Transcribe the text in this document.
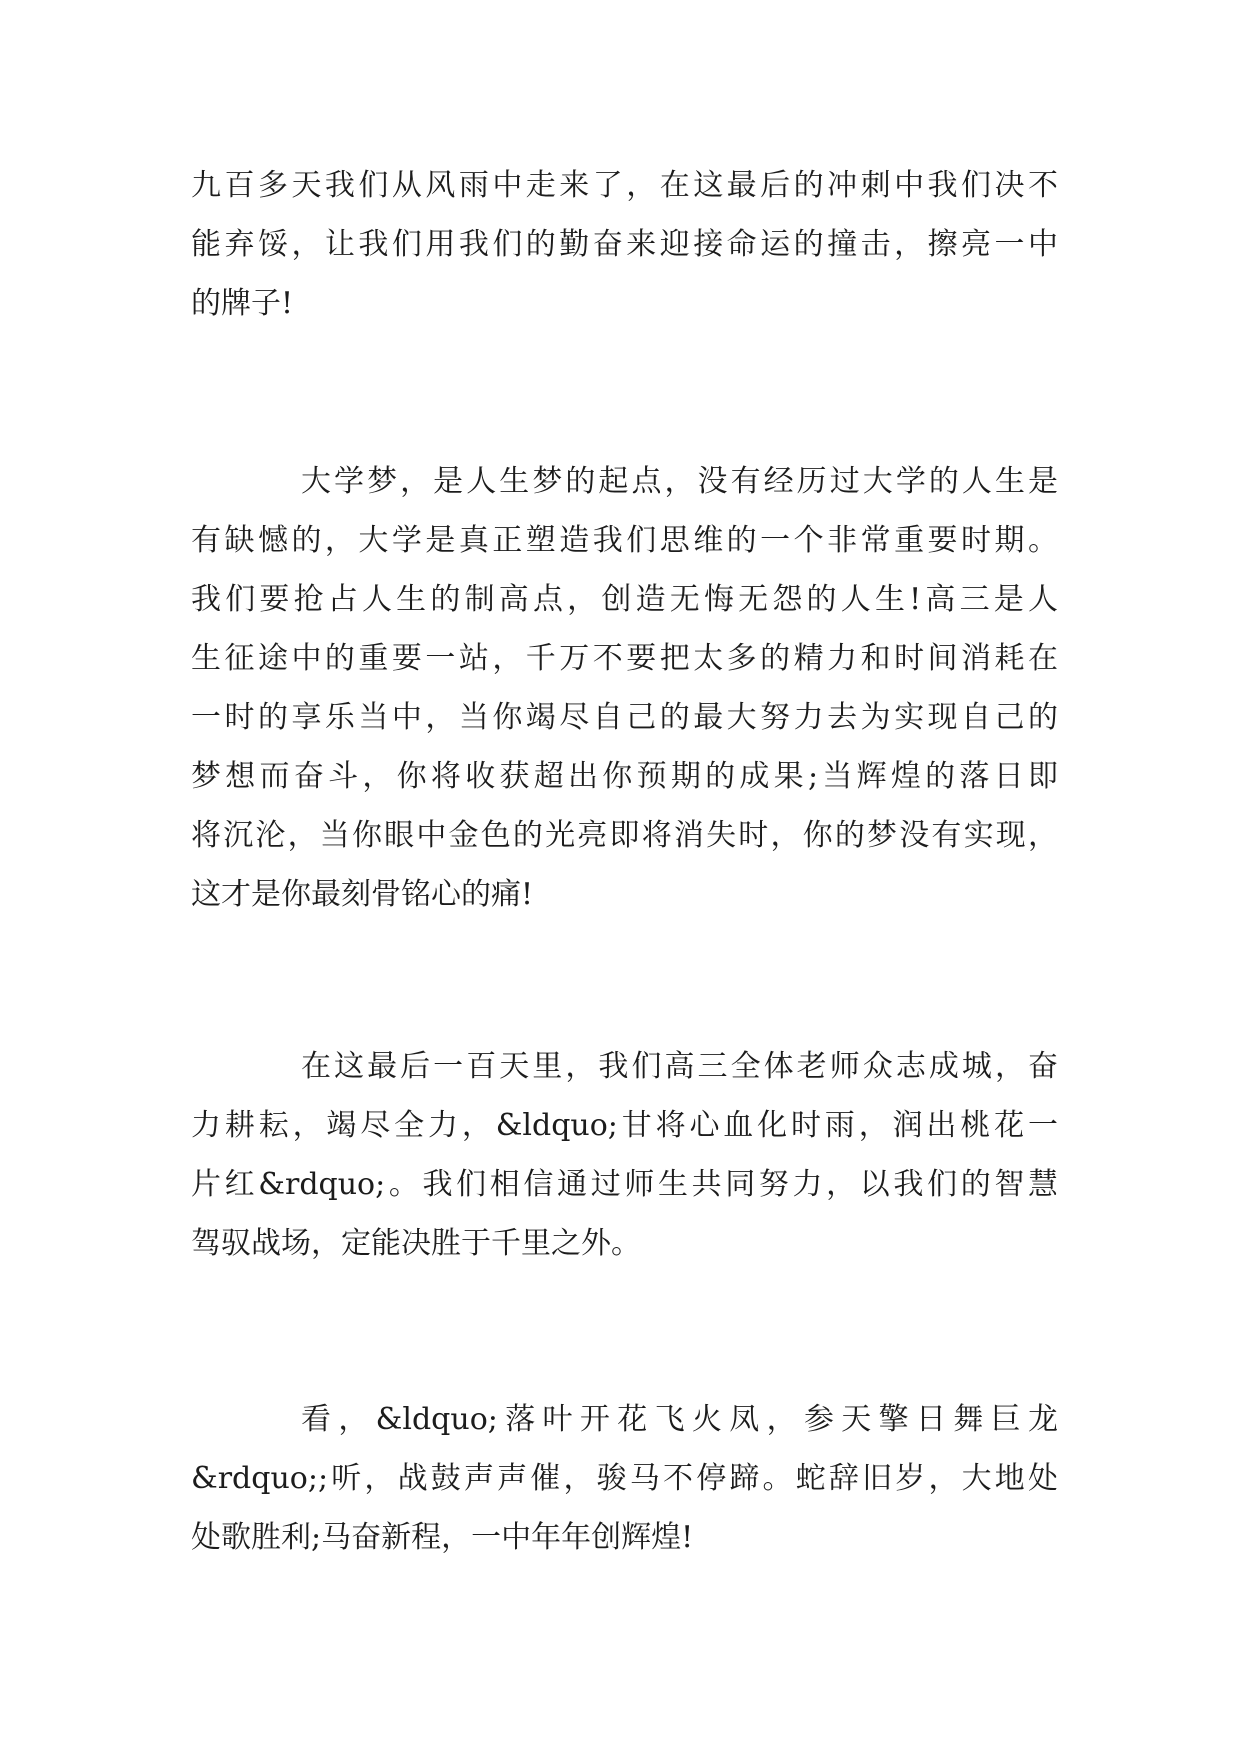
九百多天我们从风雨中走来了，在这最后的冲刺中我们决不
能弃馁，让我们用我们的勤奋来迎接命运的撞击，擦亮一中
的牌子!
大学梦，是人生梦的起点，没有经历过大学的人生是
有缺憾的，大学是真正塑造我们思维的一个非常重要时期。
我们要抢占人生的制高点，创造无悔无怨的人生!高三是人
生征途中的重要一站，千万不要把太多的精力和时间消耗在
一时的享乐当中，当你竭尽自己的最大努力去为实现自己的
梦想而奋斗，你将收获超出你预期的成果;当辉煌的落日即
将沉沦，当你眼中金色的光亮即将消失时，你的梦没有实现，
这才是你最刻骨铭心的痛!
在这最后一百天里，我们高三全体老师众志成城，奋
力耕耘，竭尽全力，&ldquo;甘将心血化时雨，润出桃花一
片红&rdquo;。我们相信通过师生共同努力，以我们的智慧
驾驭战场，定能决胜于千里之外。
看，&ldquo;落叶开花飞火凤，参天擎日舞巨龙
&rdquo;;听，战鼓声声催，骏马不停蹄。蛇辞旧岁，大地处
处歌胜利;马奋新程，一中年年创辉煌!
